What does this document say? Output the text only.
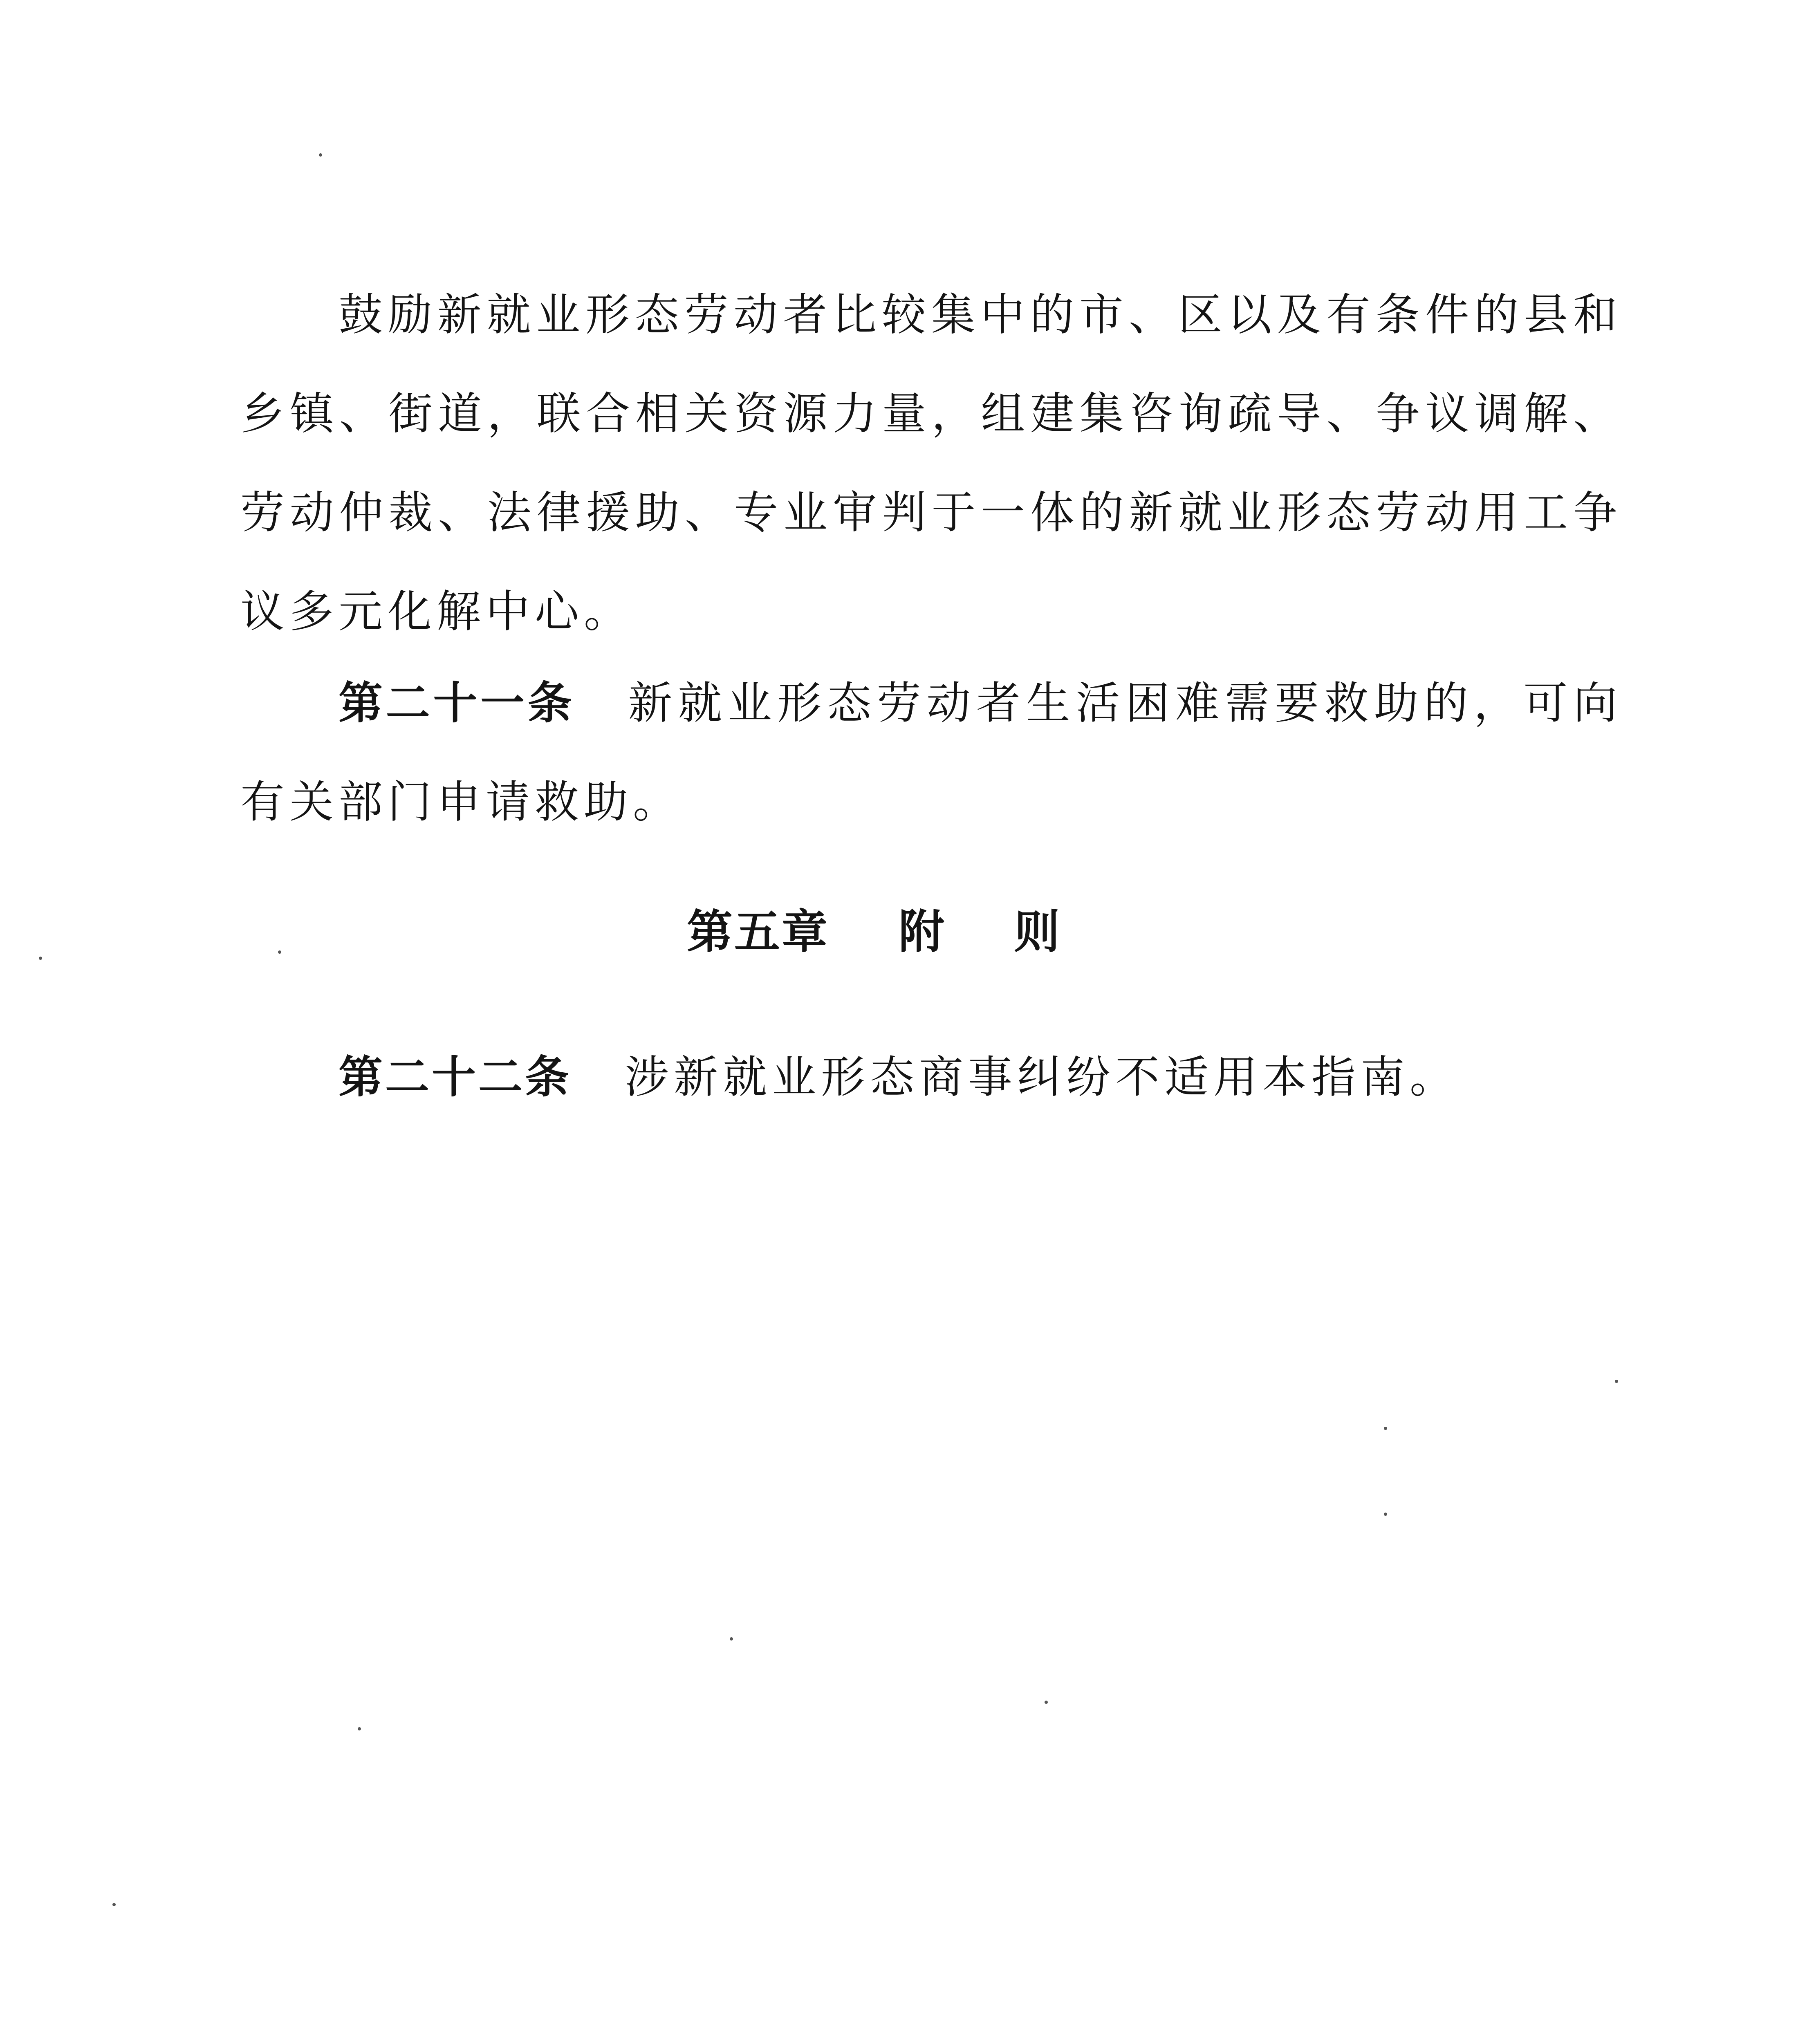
鼓励新就业形态劳动者比较集中的市、区以及有条件的县和乡镇、街道，联合相关资源力量，组建集咨询疏导、争议调解、劳动仲裁、法律援助、专业审判于一体的新就业形态劳动用工争议多元化解中心。

第二十一条 新就业形态劳动者生活困难需要救助的，可向有关部门申请救助。

第五章 附则

第二十二条 涉新就业形态商事纠纷不适用本指南。
